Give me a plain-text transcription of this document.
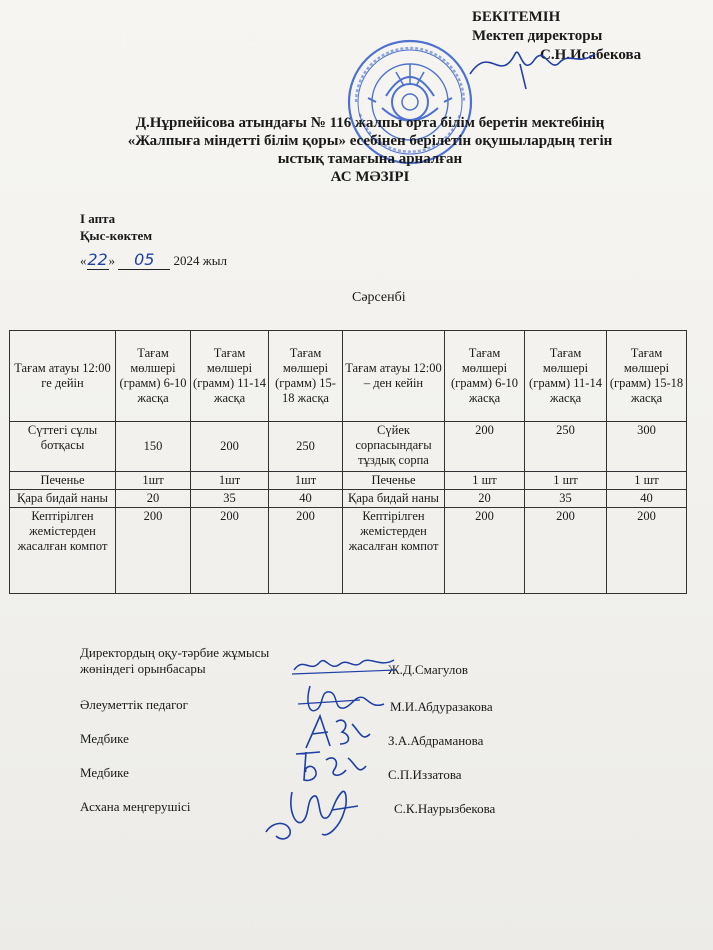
БЕКІТЕМІН
Мектеп директоры
С.Н.Исабекова
Д.Нұрпейісова атындағы № 116 жалпы орта білім беретін мектебінің
«Жалпыға міндетті білім қоры» есебінен берілетін оқушылардың тегін
ыстық тамағына арналған
АС МӘЗІРІ
І апта
Қыс-көктем
«22» 05 2024 жыл
Сәрсенбі
Тағам атауы 12:00 ге дейін	Тағам мөлшері (грамм) 6-10 жасқа	Тағам мөлшері (грамм) 11-14 жасқа	Тағам мөлшері (грамм) 15-18 жасқа	Тағам атауы 12:00 – ден кейін	Тағам мөлшері (грамм) 6-10 жасқа	Тағам мөлшері (грамм) 11-14 жасқа	Тағам мөлшері (грамм) 15-18 жасқа
Сүттегі сұлы ботқасы	150	200	250	Сүйек сорпасындағы тұздық сорпа	200	250	300
Печенье	1шт	1шт	1шт	Печенье	1 шт	1 шт	1 шт
Қара бидай наны	20	35	40	Қара бидай наны	20	35	40
Кептірілген жемістерден жасалған компот	200	200	200	Кептірілген жемістерден жасалған компот	200	200	200
Директордың оқу-тәрбие жұмысы жөніндегі орынбасары	Ж.Д.Смагулов
Әлеуметтік педагог	М.И.Абдуразакова
Медбике	З.А.Абдраманова
Медбике	С.П.Иззатова
Асхана меңгерушісі	С.К.Наурызбекова
